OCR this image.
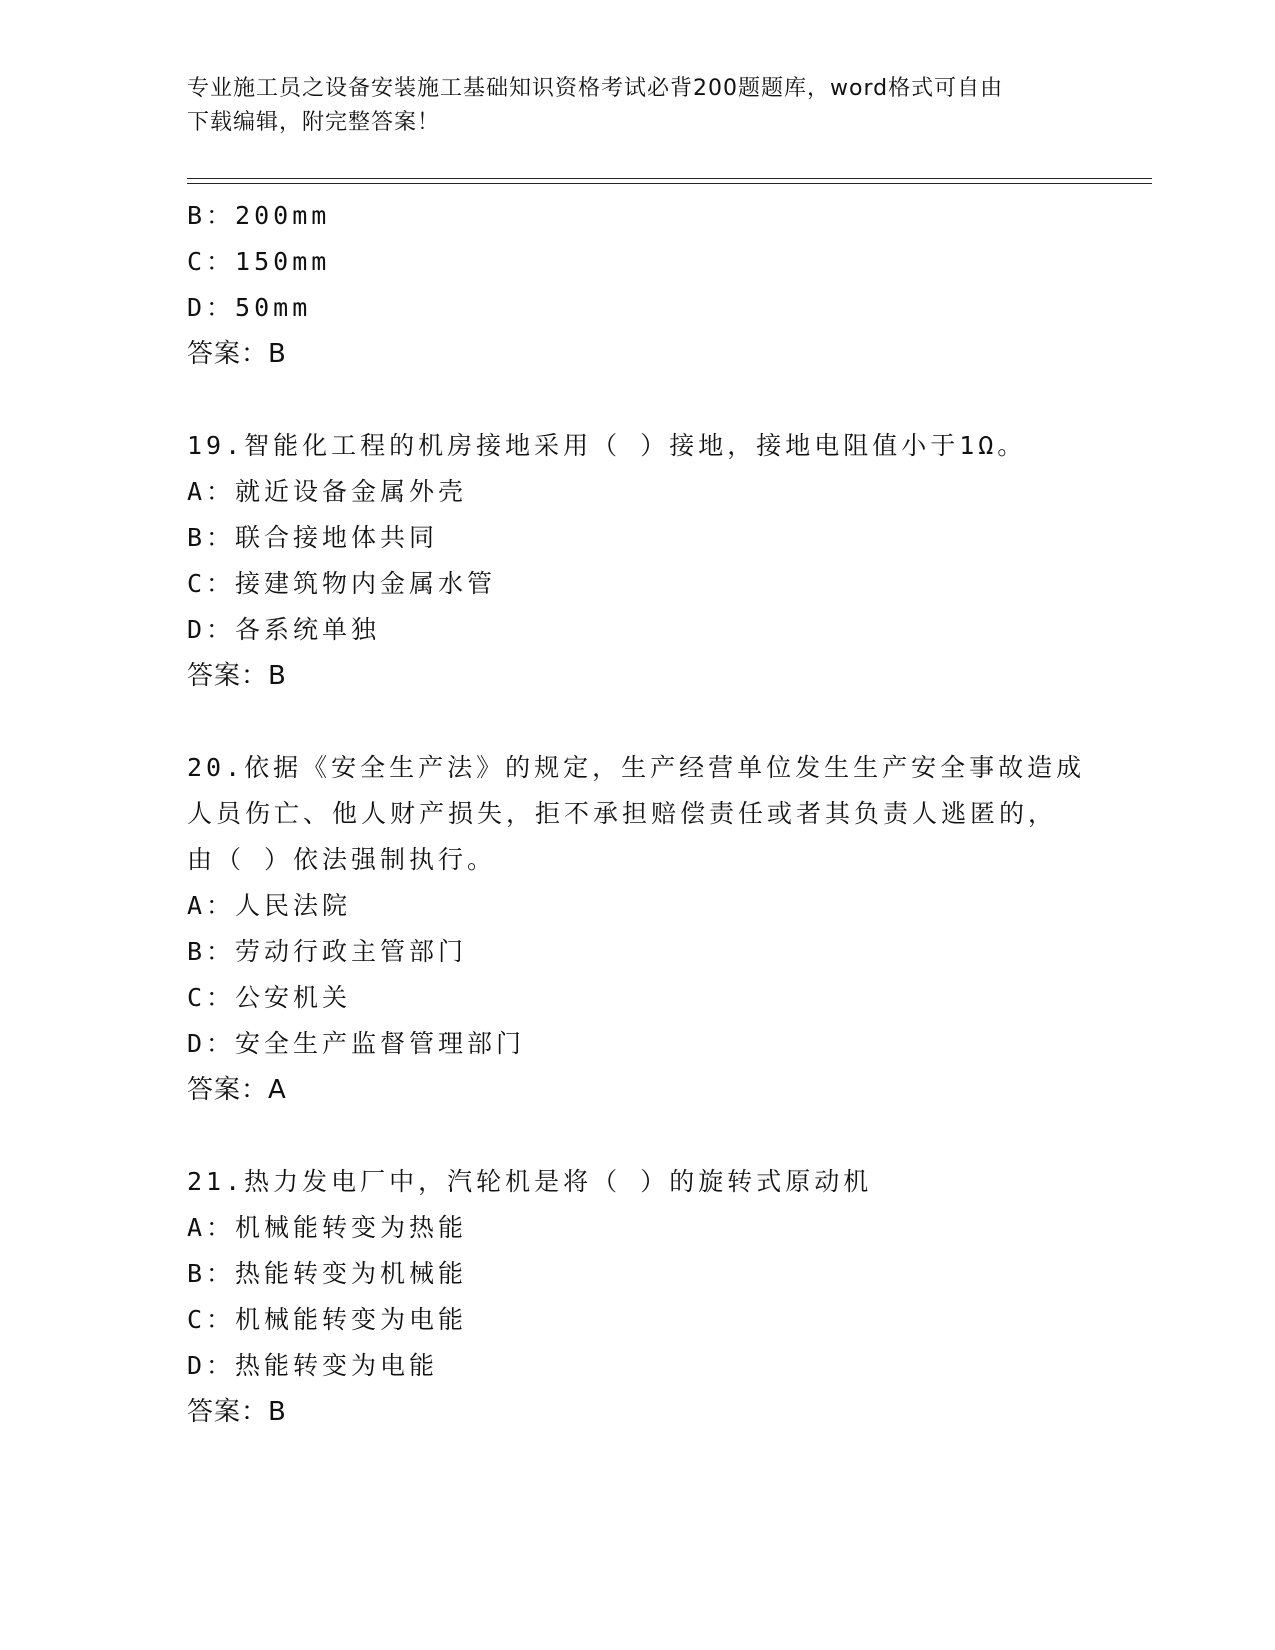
专业施工员之设备安装施工基础知识资格考试必背200题题库，word格式可自由
下载编辑，附完整答案！
B：200mm
C：150mm
D：50mm
答案：B
19.智能化工程的机房接地采用（ ）接地，接地电阻值小于1Ω。
A：就近设备金属外壳
B：联合接地体共同
C：接建筑物内金属水管
D：各系统单独
答案：B
20.依据《安全生产法》的规定，生产经营单位发生生产安全事故造成
人员伤亡、他人财产损失，拒不承担赔偿责任或者其负责人逃匿的，
由（ ）依法强制执行。
A：人民法院
B：劳动行政主管部门
C：公安机关
D：安全生产监督管理部门
答案：A
21.热力发电厂中，汽轮机是将（ ）的旋转式原动机
A：机械能转变为热能
B：热能转变为机械能
C：机械能转变为电能
D：热能转变为电能
答案：B
